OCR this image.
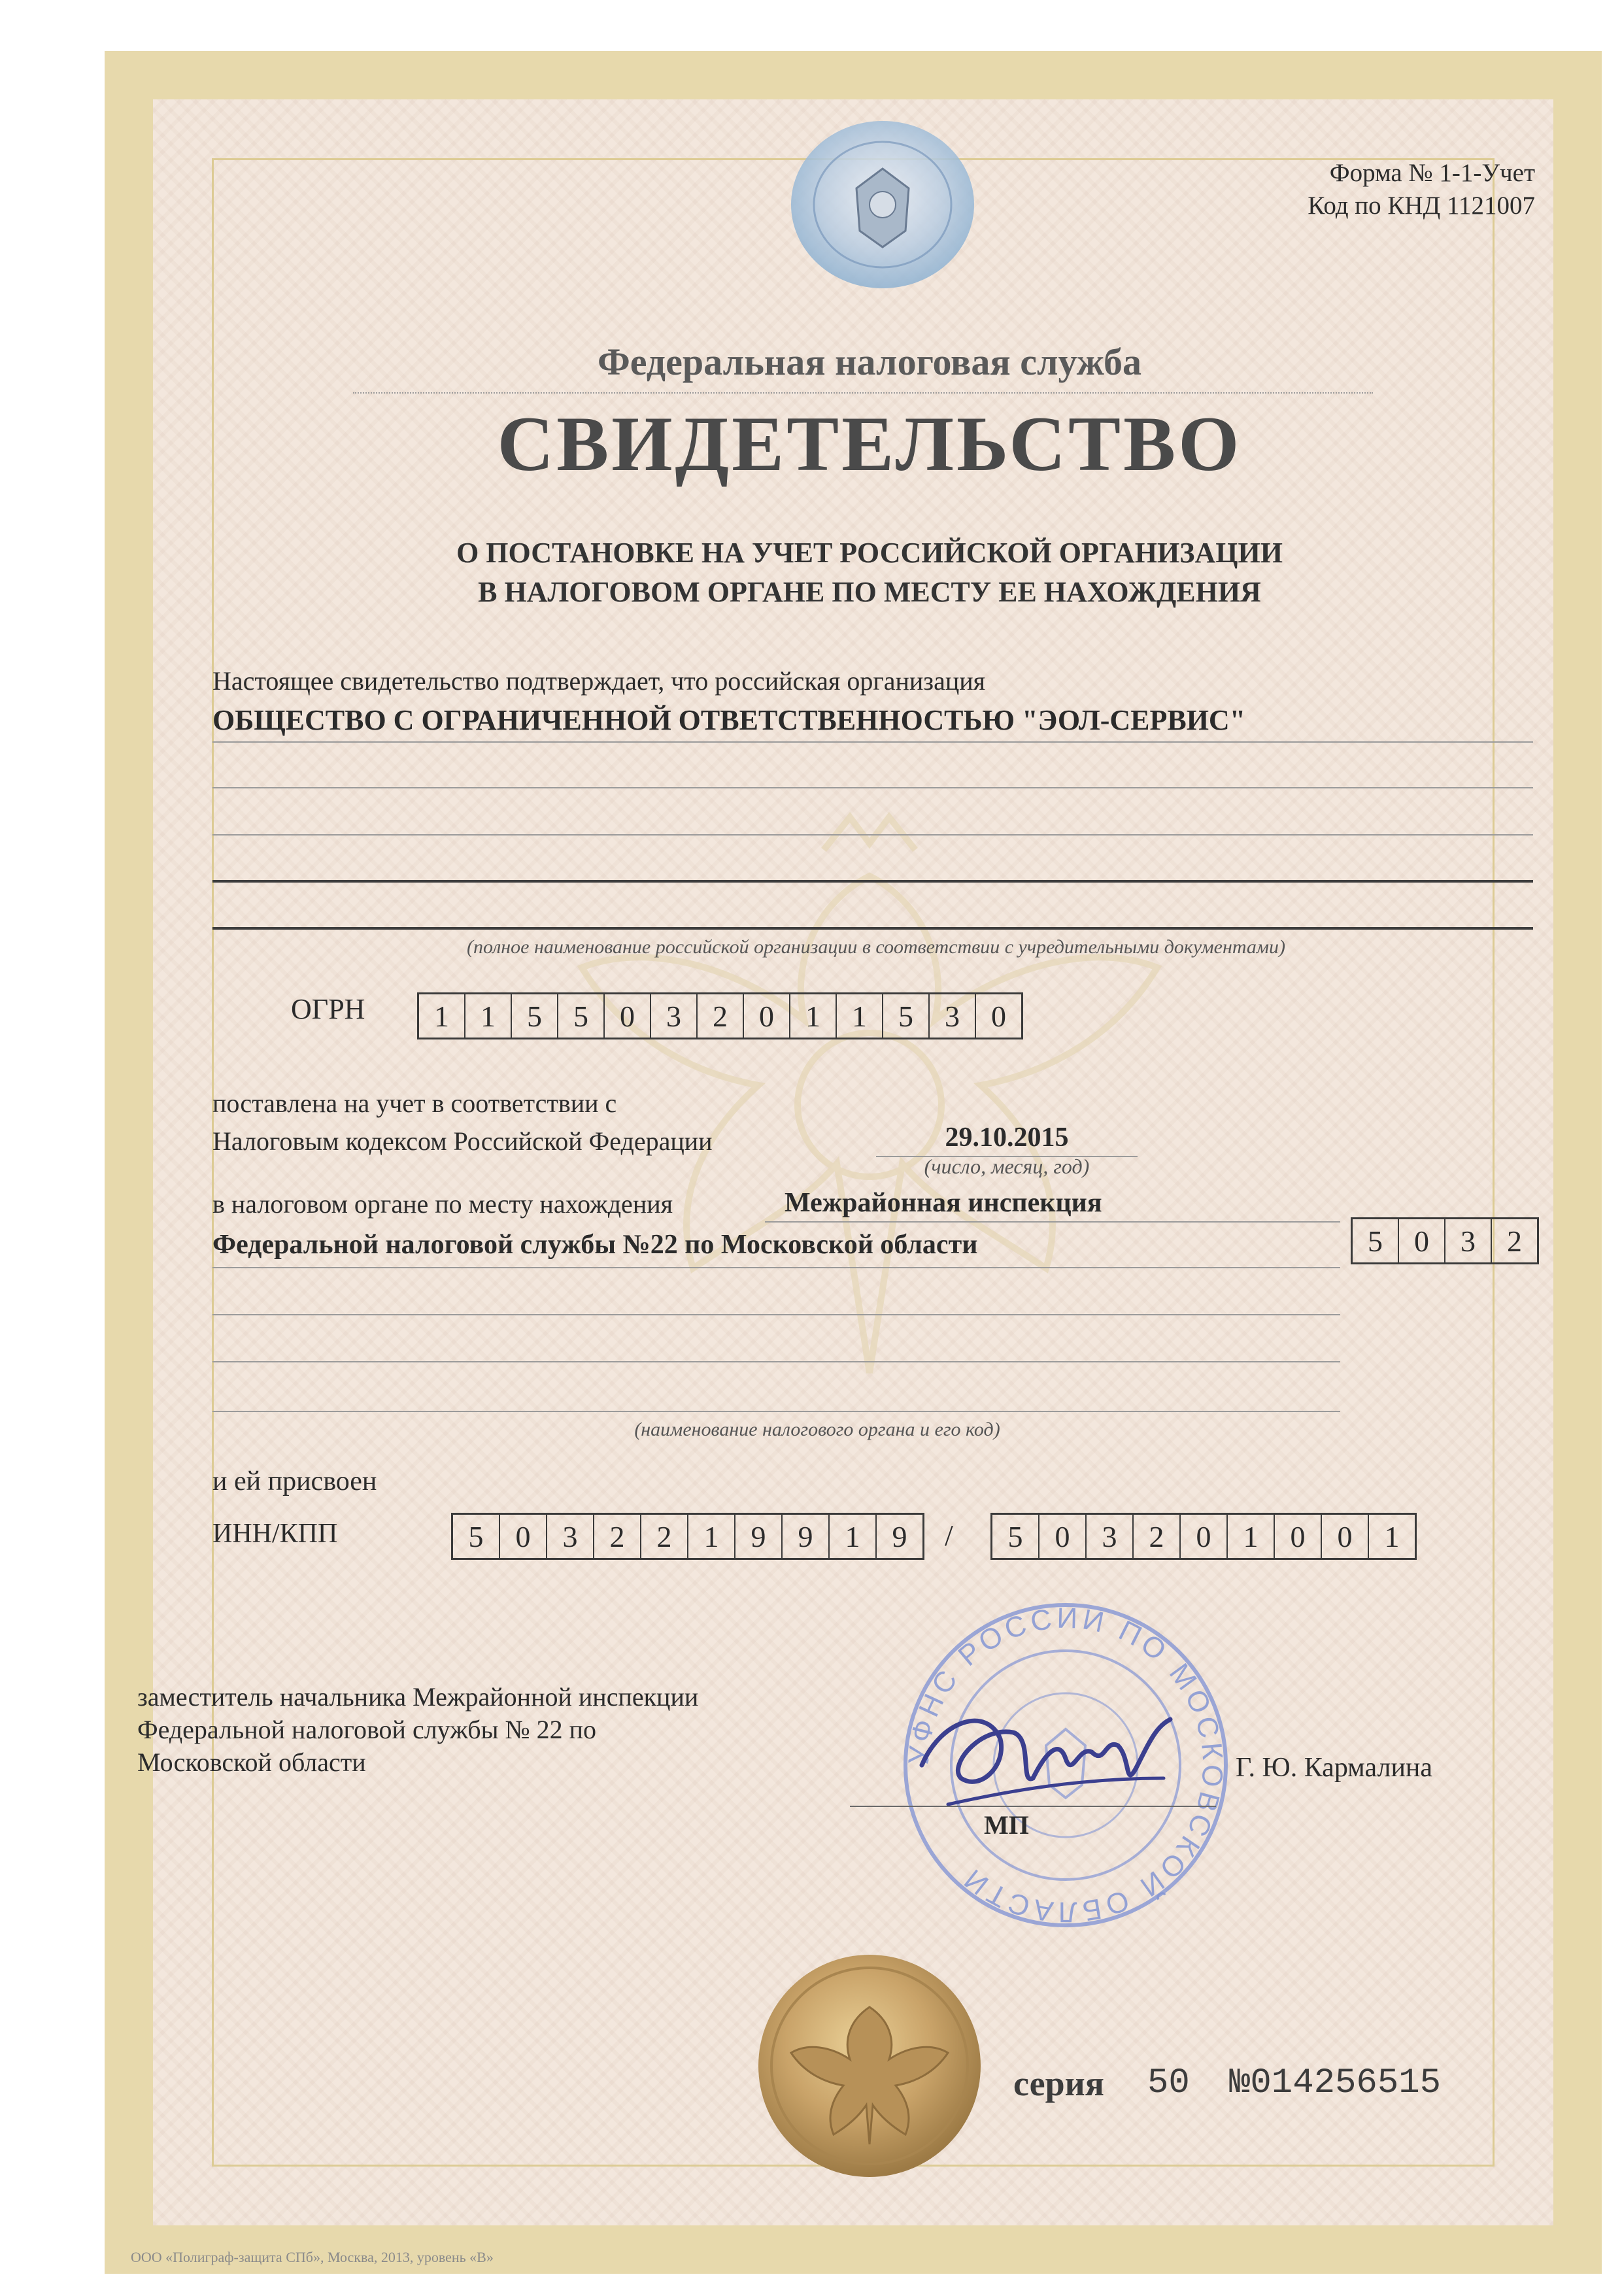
Форма № 1-1-Учет
Код по КНД 1121007
Федеральная налоговая служба
СВИДЕТЕЛЬСТВО
О ПОСТАНОВКЕ НА УЧЕТ РОССИЙСКОЙ ОРГАНИЗАЦИИ
В НАЛОГОВОМ ОРГАНЕ ПО МЕСТУ ЕЕ НАХОЖДЕНИЯ
Настоящее свидетельство подтверждает, что российская организация
ОБЩЕСТВО С ОГРАНИЧЕННОЙ ОТВЕТСТВЕННОСТЬЮ "ЭОЛ-СЕРВИС"
(полное наименование российской организации в соответствии с учредительными документами)
ОГРН	1	1	5	5	0	3	2	0	1	1	5	3	0
поставлена на учет в соответствии с
Налоговым кодексом Российской Федерации	29.10.2015
(число, месяц, год)
в налоговом органе по месту нахождения	Межрайонная инспекция
Федеральной налоговой службы №22 по Московской области	5	0	3	2
(наименование налогового органа и его код)
и ей присвоен
ИНН/КПП	5	0	3	2	2	1	9	9	1	9	/	5	0	3	2	0	1	0	0	1
УФНС РОССИИ ПО МОСКОВСКОЙ ОБЛАСТИ
заместитель начальника Межрайонной инспекции
Федеральной налоговой службы № 22 по
Московской области
МП
Г. Ю. Кармалина
серия 50 №014256515
ООО «Полиграф-защита СПб», Москва, 2013, уровень «В»
